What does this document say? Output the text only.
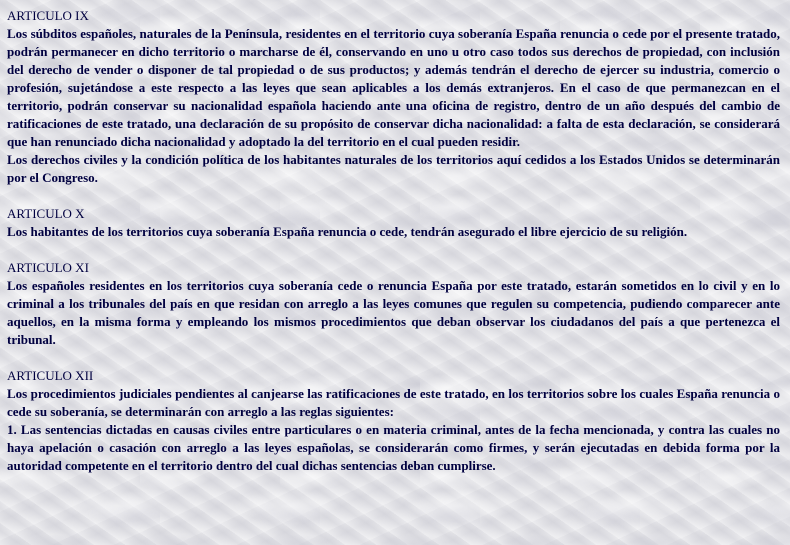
ARTICULO IX

Los súbditos españoles, naturales de la Península, residentes en el territorio cuya soberanía España renuncia o cede por el presente tratado, podrán permanecer en dicho territorio o marcharse de él, conservando en uno u otro caso todos sus derechos de propiedad, con inclusión del derecho de vender o disponer de tal propiedad o de sus productos; y además tendrán el derecho de ejercer su industria, comercio o profesión, sujetándose a este respecto a las leyes que sean aplicables a los demás extranjeros. En el caso de que permanezcan en el territorio, podrán conservar su nacionalidad española haciendo ante una oficina de registro, dentro de un año después del cambio de ratificaciones de este tratado, una declaración de su propósito de conservar dicha nacionalidad: a falta de esta declaración, se considerará que han renunciado dicha nacionalidad y adoptado la del territorio en el cual pueden residir.

Los derechos civiles y la condición política de los habitantes naturales de los territorios aquí cedidos a los Estados Unidos se determinarán por el Congreso.

ARTICULO X

Los habitantes de los territorios cuya soberanía España renuncia o cede, tendrán asegurado el libre ejercicio de su religión.

ARTICULO XI

Los españoles residentes en los territorios cuya soberanía cede o renuncia España por este tratado, estarán sometidos en lo civil y en lo criminal a los tribunales del país en que residan con arreglo a las leyes comunes que regulen su competencia, pudiendo comparecer ante aquellos, en la misma forma y empleando los mismos procedimientos que deban observar los ciudadanos del país a que pertenezca el tribunal.

ARTICULO XII

Los procedimientos judiciales pendientes al canjearse las ratificaciones de este tratado, en los territorios sobre los cuales España renuncia o cede su soberanía, se determinarán con arreglo a las reglas siguientes:

1. Las sentencias dictadas en causas civiles entre particulares o en materia criminal, antes de la fecha mencionada, y contra las cuales no haya apelación o casación con arreglo a las leyes españolas, se considerarán como firmes, y serán ejecutadas en debida forma por la autoridad competente en el territorio dentro del cual dichas sentencias deban cumplirse.
